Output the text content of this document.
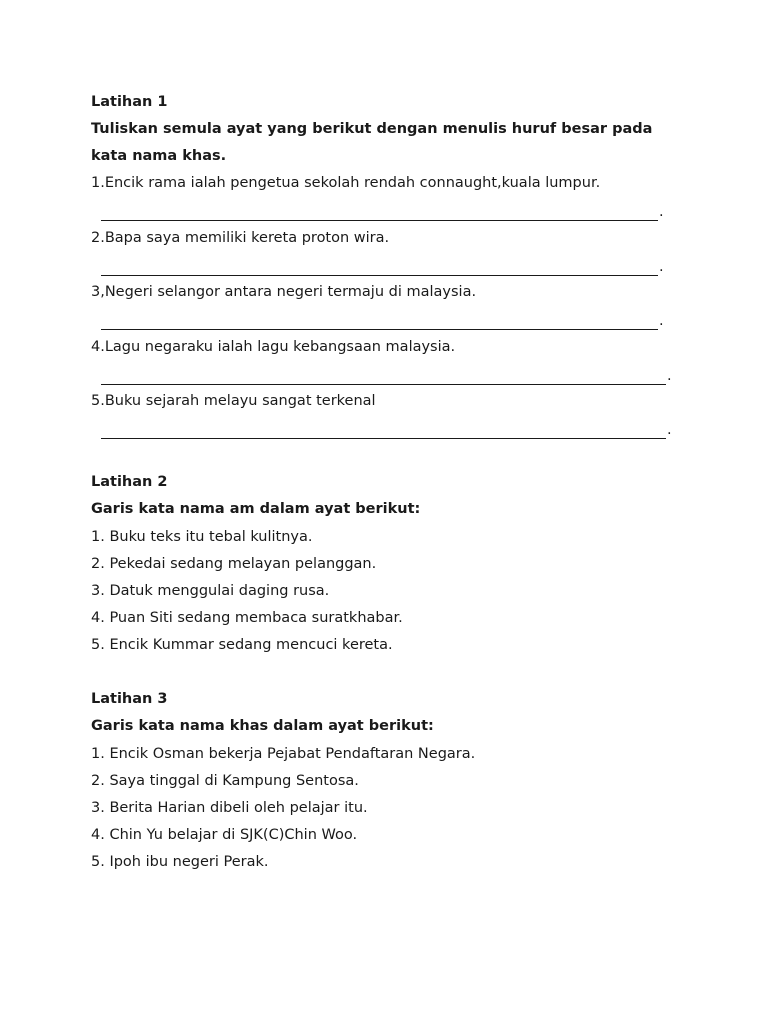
Latihan 1
Tuliskan semula ayat yang berikut dengan menulis huruf besar pada
kata nama khas.
1.Encik rama ialah pengetua sekolah rendah connaught,kuala lumpur.
.
2.Bapa saya memiliki kereta proton wira.
.
3,Negeri selangor antara negeri termaju di malaysia.
.
4.Lagu negaraku ialah lagu kebangsaan malaysia.
.
5.Buku sejarah melayu sangat terkenal
.
Latihan 2
Garis kata nama am dalam ayat berikut:
1. Buku teks itu tebal kulitnya.
2. Pekedai sedang melayan pelanggan.
3. Datuk menggulai daging rusa.
4. Puan Siti sedang membaca suratkhabar.
5. Encik Kummar sedang mencuci kereta.
Latihan 3
Garis kata nama khas dalam ayat berikut:
1. Encik Osman bekerja Pejabat Pendaftaran Negara.
2. Saya tinggal di Kampung Sentosa.
3. Berita Harian dibeli oleh pelajar itu.
4. Chin Yu belajar di SJK(C)Chin Woo.
5. Ipoh ibu negeri Perak.
